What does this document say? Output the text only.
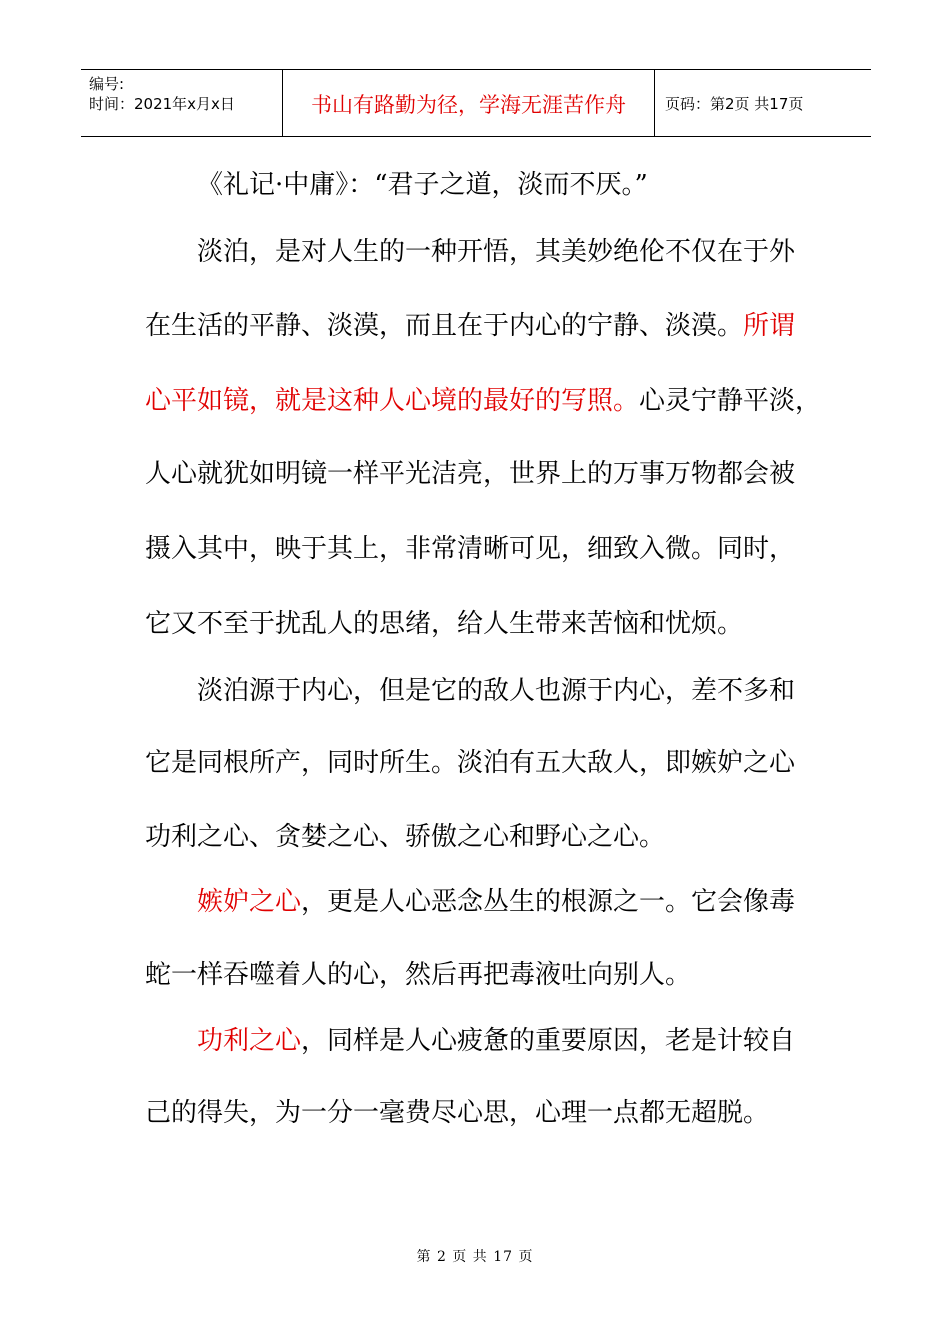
编号:
时间：2021年x月x日	书山有路勤为径，学海无涯苦作舟	页码：第2页 共17页
《礼记·中庸》：“君子之道，淡而不厌。”
淡泊，是对人生的一种开悟，其美妙绝伦不仅在于外
在生活的平静、淡漠，而且在于内心的宁静、淡漠。所谓
心平如镜，就是这种人心境的最好的写照。心灵宁静平淡，
人心就犹如明镜一样平光洁亮，世界上的万事万物都会被
摄入其中，映于其上，非常清晰可见，细致入微。同时，
它又不至于扰乱人的思绪，给人生带来苦恼和忧烦。
淡泊源于内心，但是它的敌人也源于内心，差不多和
它是同根所产，同时所生。淡泊有五大敌人，即嫉妒之心
功利之心、贪婪之心、骄傲之心和野心之心。
嫉妒之心，更是人心恶念丛生的根源之一。它会像毒
蛇一样吞噬着人的心，然后再把毒液吐向别人。
功利之心，同样是人心疲惫的重要原因，老是计较自
己的得失，为一分一毫费尽心思，心理一点都无超脱。
第 2 页 共 17 页
